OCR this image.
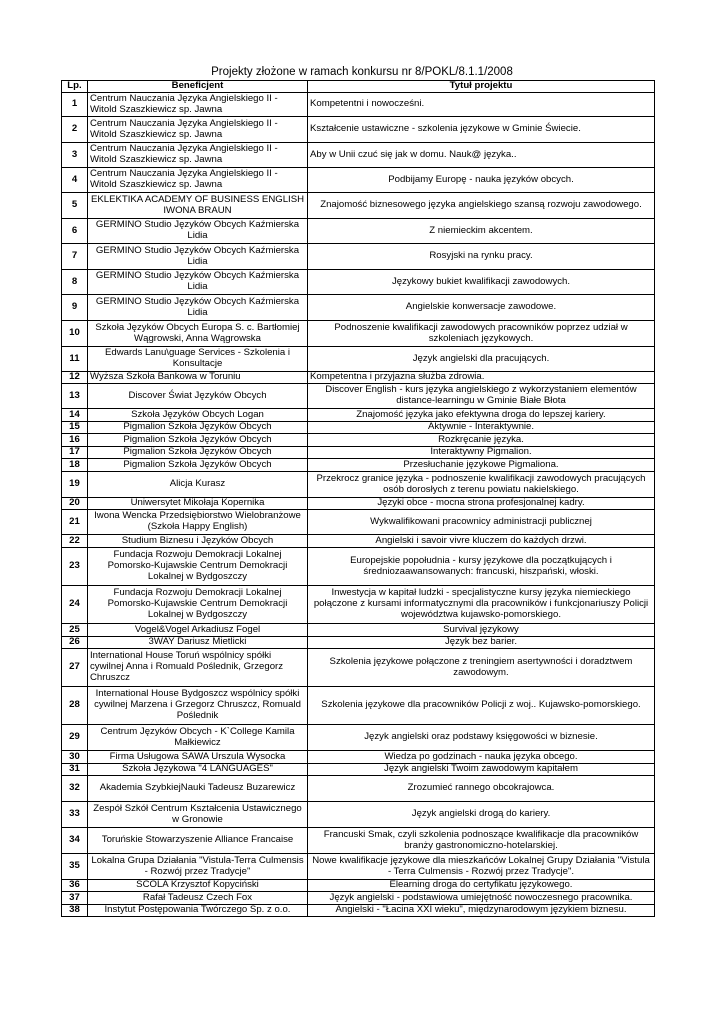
Projekty złożone w ramach konkursu nr 8/POKL/8.1.1/2008
Lp.	Beneficjent	Tytuł projektu
1	Centrum Nauczania Języka Angielskiego II - Witold Szaszkiewicz sp. Jawna	Kompetentni i nowocześni.
2	Centrum Nauczania Języka Angielskiego II - Witold Szaszkiewicz sp. Jawna	Kształcenie ustawiczne - szkolenia językowe w Gminie Świecie.
3	Centrum Nauczania Języka Angielskiego II - Witold Szaszkiewicz sp. Jawna	Aby w Unii czuć się jak w domu. Nauk@ języka..
4	Centrum Nauczania Języka Angielskiego II - Witold Szaszkiewicz sp. Jawna	Podbijamy Europę - nauka języków obcych.
5	EKLEKTIKA ACADEMY OF BUSINESS ENGLISH IWONA BRAUN	Znajomość biznesowego języka angielskiego szansą rozwoju zawodowego.
6	GERMINO Studio Języków Obcych Kaźmierska Lidia	Z niemieckim akcentem.
7	GERMINO Studio Języków Obcych Kaźmierska Lidia	Rosyjski na rynku pracy.
8	GERMINO Studio Języków Obcych Kaźmierska Lidia	Językowy bukiet kwalifikacji zawodowych.
9	GERMINO Studio Języków Obcych Kaźmierska Lidia	Angielskie konwersacje zawodowe.
10	Szkoła Języków Obcych Europa S. c. Bartłomiej Wągrowski, Anna Wągrowska	Podnoszenie kwalifikacji zawodowych pracowników poprzez udział w szkoleniach językowych.
11	Edwards Lanu\guage Services - Szkolenia i Konsultacje	Język angielski dla pracujących.
12	Wyższa Szkoła Bankowa w Toruniu	Kompetentna i przyjazna służba zdrowia.
13	Discover Świat Języków Obcych	Discover English - kurs języka angielskiego z wykorzystaniem elementów distance-learningu w Gminie Białe Błota
14	Szkoła Języków Obcych Logan	Znajomość języka jako efektywna droga do lepszej kariery.
15	Pigmalion Szkoła Języków Obcych	Aktywnie - Interaktywnie.
16	Pigmalion Szkoła Języków Obcych	Rozkręcanie języka.
17	Pigmalion Szkoła Języków Obcych	Interaktywny Pigmalion.
18	Pigmalion Szkoła Języków Obcych	Przesłuchanie językowe Pigmaliona.
19	Alicja Kurasz	Przekrocz granice języka - podnoszenie kwalifikacji zawodowych pracujących osób dorosłych z terenu powiatu nakielskiego.
20	Uniwersytet Mikołaja Kopernika	Języki obce - mocna strona profesjonalnej kadry.
21	Iwona Wencka Przedsiębiorstwo Wielobranżowe (Szkoła Happy English)	Wykwalifikowani pracownicy administracji publicznej
22	Studium Biznesu i Języków Obcych	Angielski i savoir vivre kluczem do każdych drzwi.
23	Fundacja Rozwoju Demokracji Lokalnej Pomorsko-Kujawskie Centrum Demokracji Lokalnej w Bydgoszczy	Europejskie popołudnia - kursy językowe dla początkujących i średniozaawansowanych: francuski, hiszpański, włoski.
24	Fundacja Rozwoju Demokracji Lokalnej Pomorsko-Kujawskie Centrum Demokracji Lokalnej w Bydgoszczy	Inwestycja w kapitał ludzki - specjalistyczne kursy języka niemieckiego połączone z kursami informatycznymi dla pracowników i funkcjonariuszy Policji województwa kujawsko-pomorskiego.
25	Vogel&Vogel Arkadiusz Fogel	Survival językowy
26	3WAY Dariusz Mietlicki	Język bez barier.
27	International House Toruń wspólnicy spółki cywilnej Anna i Romuald Poślednik, Grzegorz Chruszcz	Szkolenia językowe połączone z treningiem asertywności i doradztwem zawodowym.
28	International House Bydgoszcz wspólnicy spółki cywilnej Marzena i Grzegorz Chruszcz, Romuald Poślednik	Szkolenia językowe dla pracowników Policji z woj.. Kujawsko-pomorskiego.
29	Centrum Języków Obcych - K`College Kamila Małkiewicz	Język angielski oraz podstawy księgowości w biznesie.
30	Firma Usługowa SAWA Urszula Wysocka	Wiedza po godzinach - nauka języka obcego.
31	Szkoła Językowa "4 LANGUAGES"	Język angielski Twoim zawodowym kapitałem
32	Akademia SzybkiejNauki Tadeusz Buzarewicz	Zrozumieć rannego obcokrajowca.
33	Zespół Szkół Centrum Kształcenia Ustawicznego w Gronowie	Język angielski drogą do kariery.
34	Toruńskie Stowarzyszenie Alliance Francaise	Francuski Smak, czyli szkolenia podnoszące kwalifikacje dla pracowników branży gastronomiczno-hotelarskiej.
35	Lokalna Grupa Działania "Vistula-Terra Culmensis - Rozwój przez Tradycje"	Nowe kwalifikacje językowe dla mieszkańców Lokalnej Grupy Działania "Vistula - Terra Culmensis - Rozwój przez Tradycje".
36	SCOLA Krzysztof Kopyciński	Elearning droga do certyfikatu językowego.
37	Rafał Tadeusz Czech Fox	Język angielski - podstawiowa umiejętność nowoczesnego pracownika.
38	Instytut Postępowania Twórczego Sp. z o.o.	Angielski - "Łacina XXI wieku", międzynarodowym językiem biznesu.
